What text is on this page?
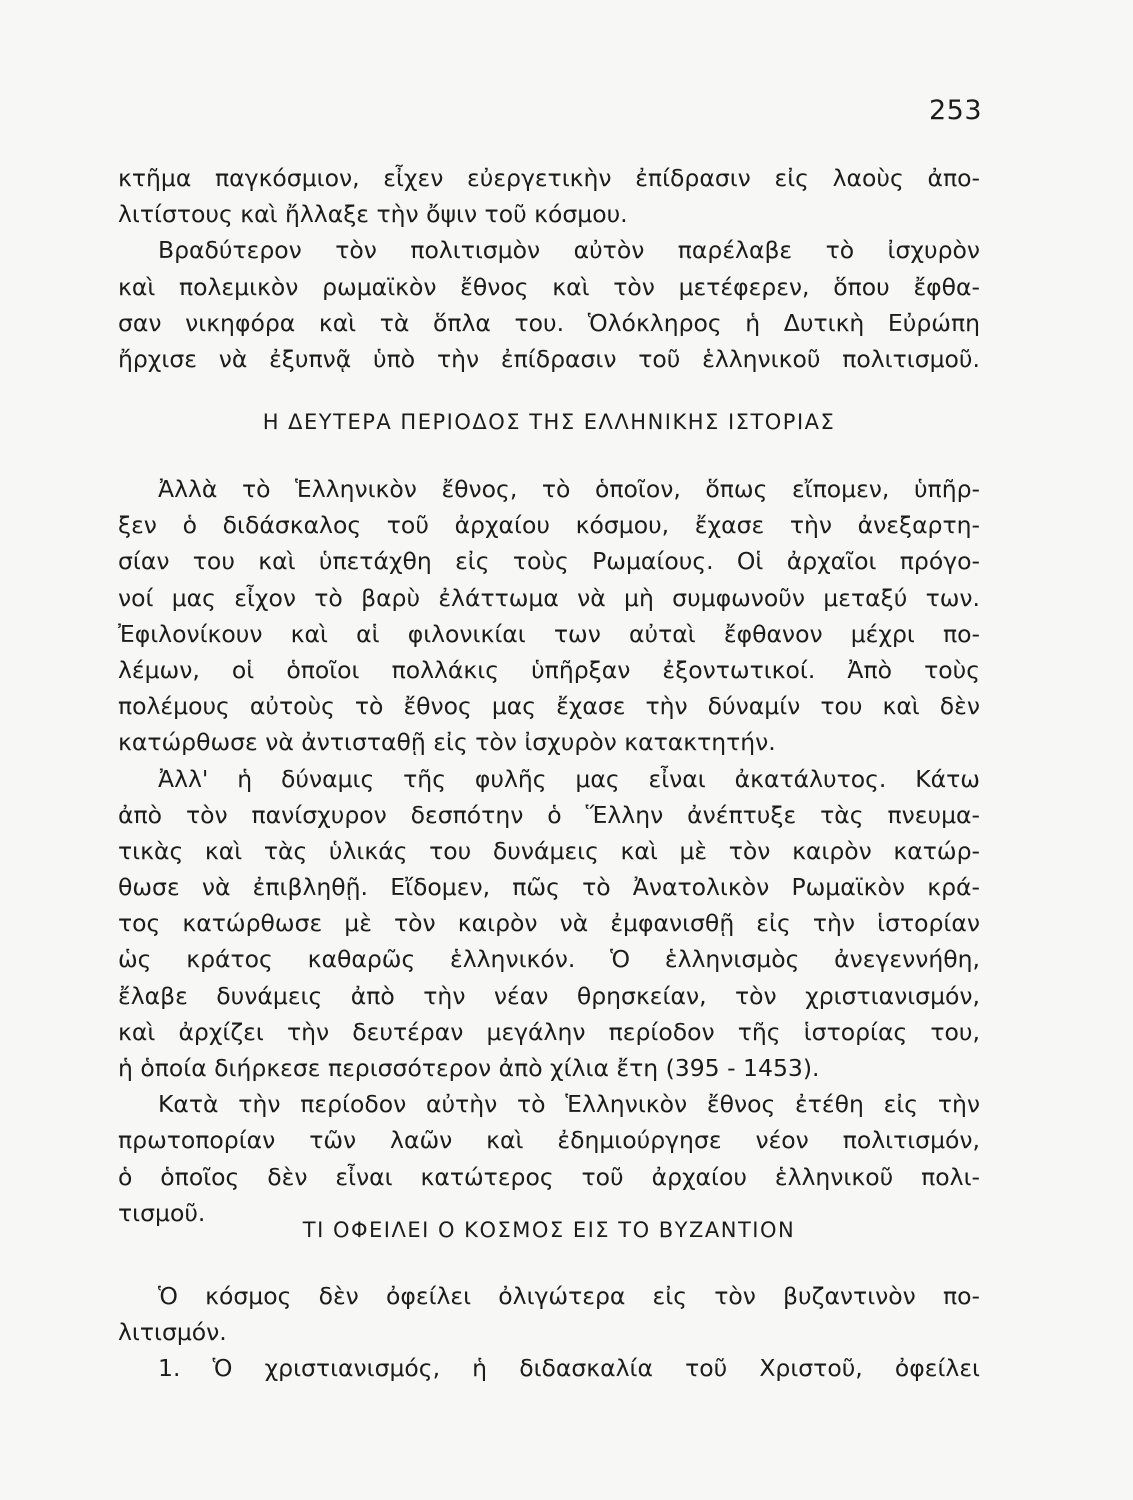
253
κτῆμα παγκόσμιον, εἶχεν εὐεργετικὴν ἐπίδρασιν εἰς λαοὺς ἀπο-
λιτίστους καὶ ἤλλαξε τὴν ὄψιν τοῦ κόσμου.
Βραδύτερον τὸν πολιτισμὸν αὐτὸν παρέλαβε τὸ ἰσχυρὸν
καὶ πολεμικὸν ρωμαϊκὸν ἔθνος καὶ τὸν μετέφερεν, ὅπου ἔφθα-
σαν νικηφόρα καὶ τὰ ὅπλα του. Ὁλόκληρος ἡ Δυτικὴ Εὐρώπη
ἤρχισε νὰ ἐξυπνᾷ ὑπὸ τὴν ἐπίδρασιν τοῦ ἑλληνικοῦ πολιτισμοῦ.
Η ΔΕΥΤΕΡΑ ΠΕΡΙΟΔΟΣ ΤΗΣ ΕΛΛΗΝΙΚΗΣ ΙΣΤΟΡΙΑΣ
Ἀλλὰ τὸ Ἑλληνικὸν ἔθνος, τὸ ὁποῖον, ὅπως εἴπομεν, ὑπῆρ-
ξεν ὁ διδάσκαλος τοῦ ἀρχαίου κόσμου, ἔχασε τὴν ἀνεξαρτη-
σίαν του καὶ ὑπετάχθη εἰς τοὺς Ρωμαίους. Οἱ ἀρχαῖοι πρόγο-
νοί μας εἶχον τὸ βαρὺ ἐλάττωμα νὰ μὴ συμφωνοῦν μεταξύ των.
Ἐφιλονίκουν καὶ αἱ φιλονικίαι των αὐταὶ ἔφθανον μέχρι πο-
λέμων, οἱ ὁποῖοι πολλάκις ὑπῆρξαν ἐξοντωτικοί. Ἀπὸ τοὺς
πολέμους αὐτοὺς τὸ ἔθνος μας ἔχασε τὴν δύναμίν του καὶ δὲν
κατώρθωσε νὰ ἀντισταθῇ εἰς τὸν ἰσχυρὸν κατακτητήν.
Ἀλλ' ἡ δύναμις τῆς φυλῆς μας εἶναι ἀκατάλυτος. Κάτω
ἀπὸ τὸν πανίσχυρον δεσπότην ὁ Ἕλλην ἀνέπτυξε τὰς πνευμα-
τικὰς καὶ τὰς ὑλικάς του δυνάμεις καὶ μὲ τὸν καιρὸν κατώρ-
θωσε νὰ ἐπιβληθῇ. Εἴδομεν, πῶς τὸ Ἀνατολικὸν Ρωμαϊκὸν κρά-
τος κατώρθωσε μὲ τὸν καιρὸν νὰ ἐμφανισθῇ εἰς τὴν ἱστορίαν
ὡς κράτος καθαρῶς ἑλληνικόν. Ὁ ἑλληνισμὸς ἀνεγεννήθη,
ἔλαβε δυνάμεις ἀπὸ τὴν νέαν θρησκείαν, τὸν χριστιανισμόν,
καὶ ἀρχίζει τὴν δευτέραν μεγάλην περίοδον τῆς ἱστορίας του,
ἡ ὁποία διήρκεσε περισσότερον ἀπὸ χίλια ἔτη (395 - 1453).
Κατὰ τὴν περίοδον αὐτὴν τὸ Ἑλληνικὸν ἔθνος ἐτέθη εἰς τὴν
πρωτοπορίαν τῶν λαῶν καὶ ἐδημιούργησε νέον πολιτισμόν,
ὁ ὁποῖος δὲν εἶναι κατώτερος τοῦ ἀρχαίου ἑλληνικοῦ πολι-
τισμοῦ.
ΤΙ ΟΦΕΙΛΕΙ Ο ΚΟΣΜΟΣ ΕΙΣ ΤΟ ΒΥΖΑΝΤΙΟΝ
Ὁ κόσμος δὲν ὀφείλει ὀλιγώτερα εἰς τὸν βυζαντινὸν πο-
λιτισμόν.
1. Ὁ χριστιανισμός, ἡ διδασκαλία τοῦ Χριστοῦ, ὀφείλει
